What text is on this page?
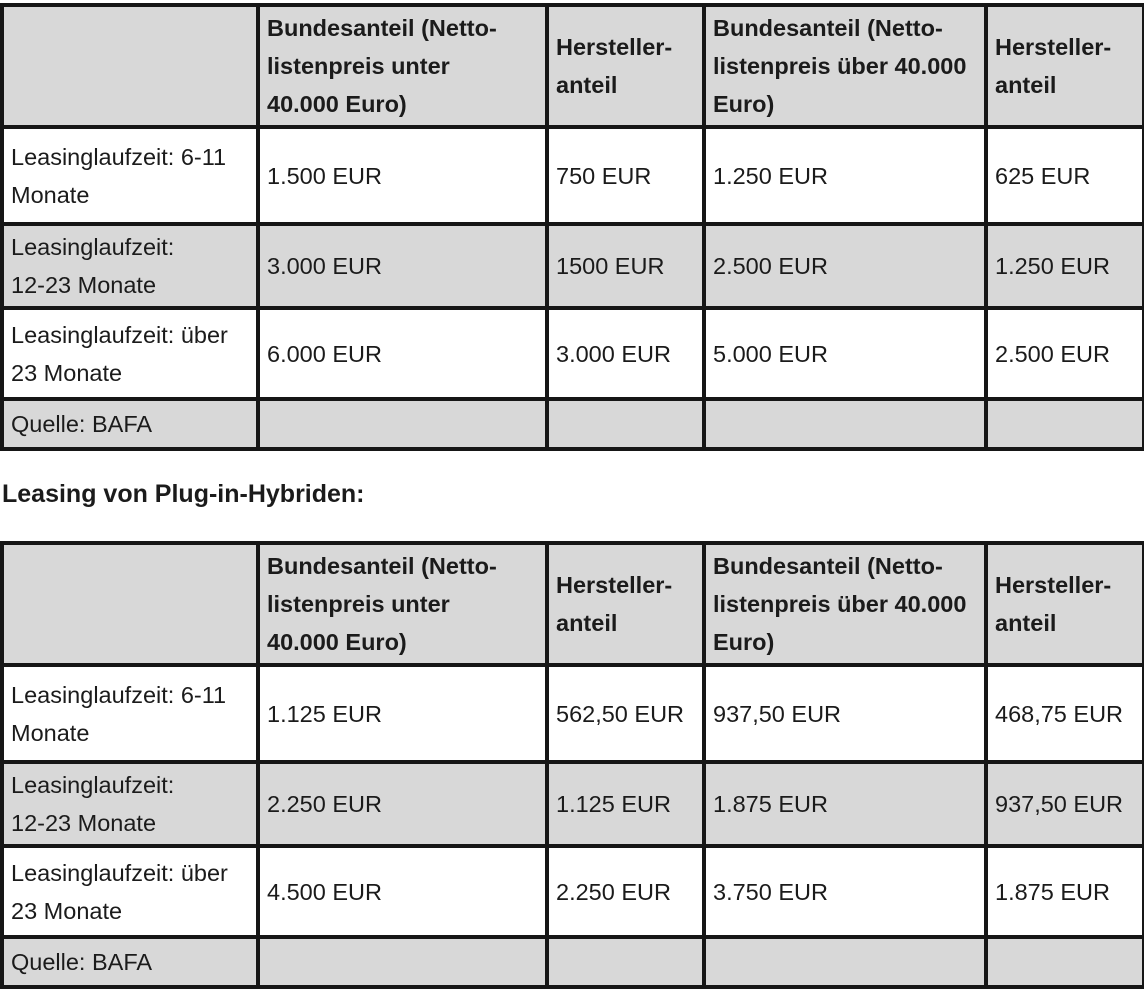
	Bundesanteil (Netto-
listenpreis unter
40.000 Euro)	Hersteller-
anteil	Bundesanteil (Netto-
listenpreis über 40.000
Euro)	Hersteller-
anteil
Leasinglaufzeit: 6-11
Monate	1.500 EUR	750 EUR	1.250 EUR	625 EUR
Leasinglaufzeit:
12-23 Monate	3.000 EUR	1500 EUR	2.500 EUR	1.250 EUR
Leasinglaufzeit: über
23 Monate	6.000 EUR	3.000 EUR	5.000 EUR	2.500 EUR
Quelle: BAFA				
Leasing von Plug-in-Hybriden:
	Bundesanteil (Netto-
listenpreis unter
40.000 Euro)	Hersteller-
anteil	Bundesanteil (Netto-
listenpreis über 40.000
Euro)	Hersteller-
anteil
Leasinglaufzeit: 6-11
Monate	1.125 EUR	562,50 EUR	937,50 EUR	468,75 EUR
Leasinglaufzeit:
12-23 Monate	2.250 EUR	1.125 EUR	1.875 EUR	937,50 EUR
Leasinglaufzeit: über
23 Monate	4.500 EUR	2.250 EUR	3.750 EUR	1.875 EUR
Quelle: BAFA				
